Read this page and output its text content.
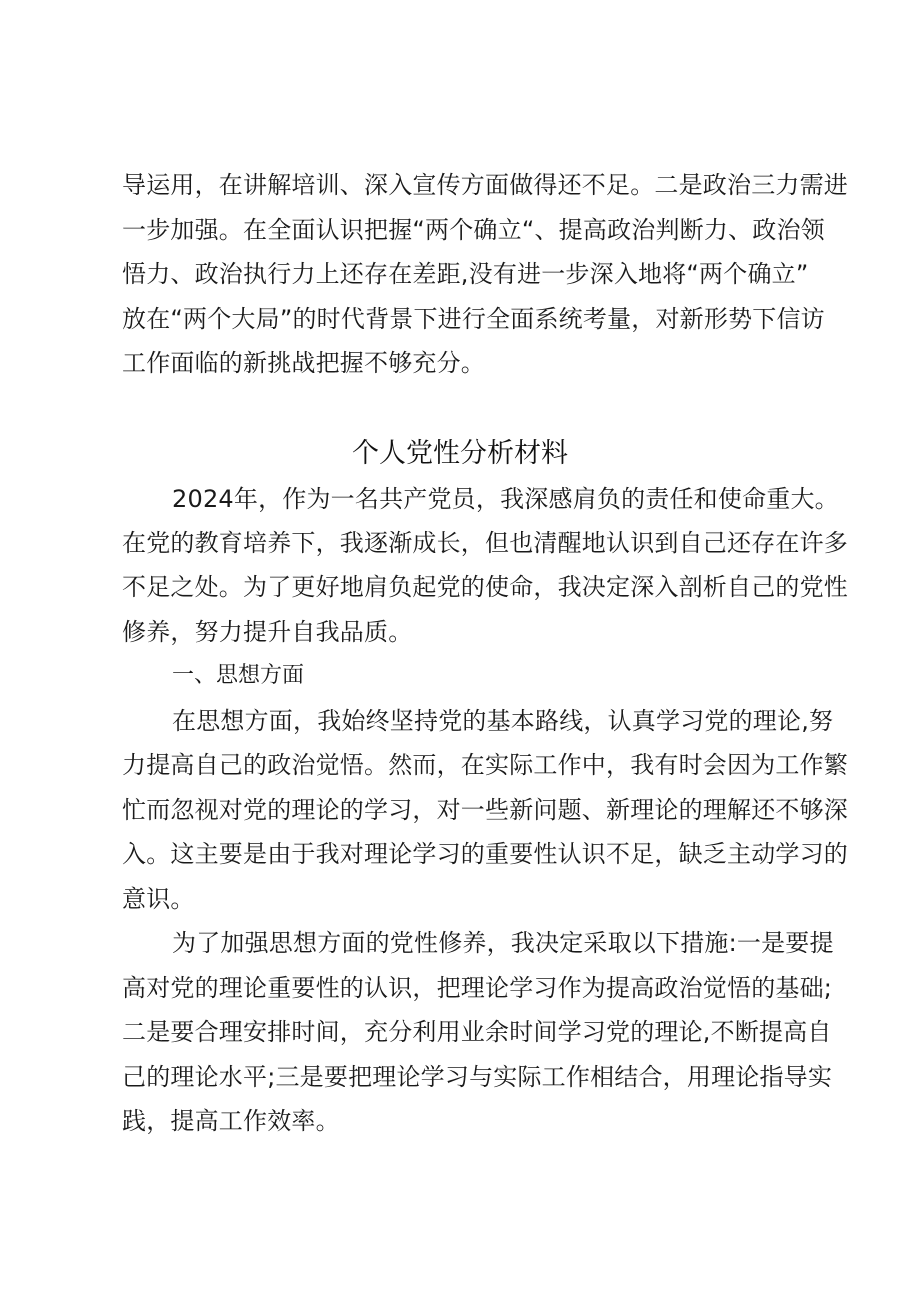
导运用，在讲解培训、深入宣传方面做得还不足。二是政治三力需进
一步加强。在全面认识把握“两个确立“、提高政治判断力、政治领
悟力、政治执行力上还存在差距,没有进一步深入地将“两个确立”
放在“两个大局”的时代背景下进行全面系统考量，对新形势下信访
工作面临的新挑战把握不够充分。
个人党性分析材料
2024年，作为一名共产党员，我深感肩负的责任和使命重大。
在党的教育培养下，我逐渐成长，但也清醒地认识到自己还存在许多
不足之处。为了更好地肩负起党的使命，我决定深入剖析自己的党性
修养，努力提升自我品质。
一、思想方面
在思想方面，我始终坚持党的基本路线，认真学习党的理论,努
力提高自己的政治觉悟。然而，在实际工作中，我有时会因为工作繁
忙而忽视对党的理论的学习，对一些新问题、新理论的理解还不够深
入。这主要是由于我对理论学习的重要性认识不足，缺乏主动学习的
意识。
为了加强思想方面的党性修养，我决定采取以下措施:一是要提
高对党的理论重要性的认识，把理论学习作为提高政治觉悟的基础;
二是要合理安排时间，充分利用业余时间学习党的理论,不断提高自
己的理论水平;三是要把理论学习与实际工作相结合，用理论指导实
践，提高工作效率。
